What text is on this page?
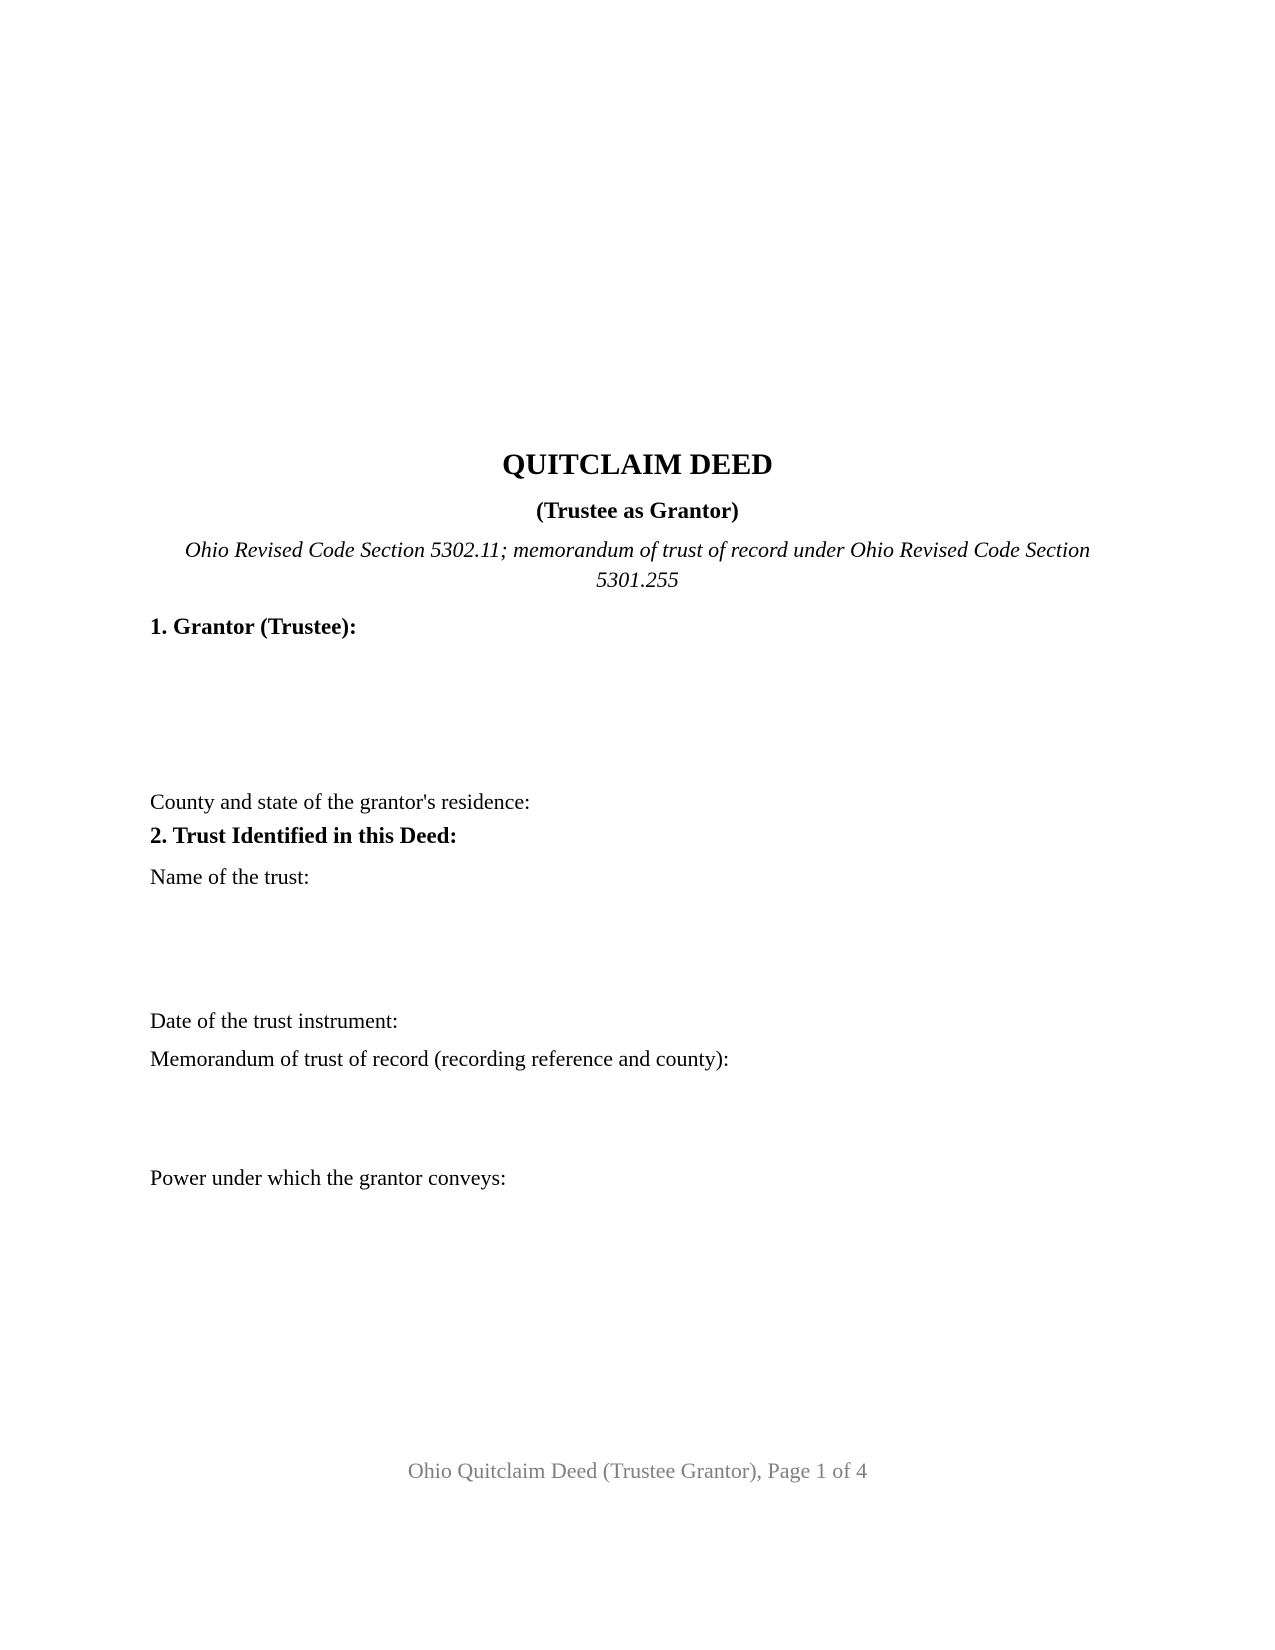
QUITCLAIM DEED
(Trustee as Grantor)
Ohio Revised Code Section 5302.11; memorandum of trust of record under Ohio Revised Code Section 5301.255
1. Grantor (Trustee):
County and state of the grantor's residence:
2. Trust Identified in this Deed:
Name of the trust:
Date of the trust instrument:
Memorandum of trust of record (recording reference and county):
Power under which the grantor conveys:
Ohio Quitclaim Deed (Trustee Grantor), Page 1 of 4
